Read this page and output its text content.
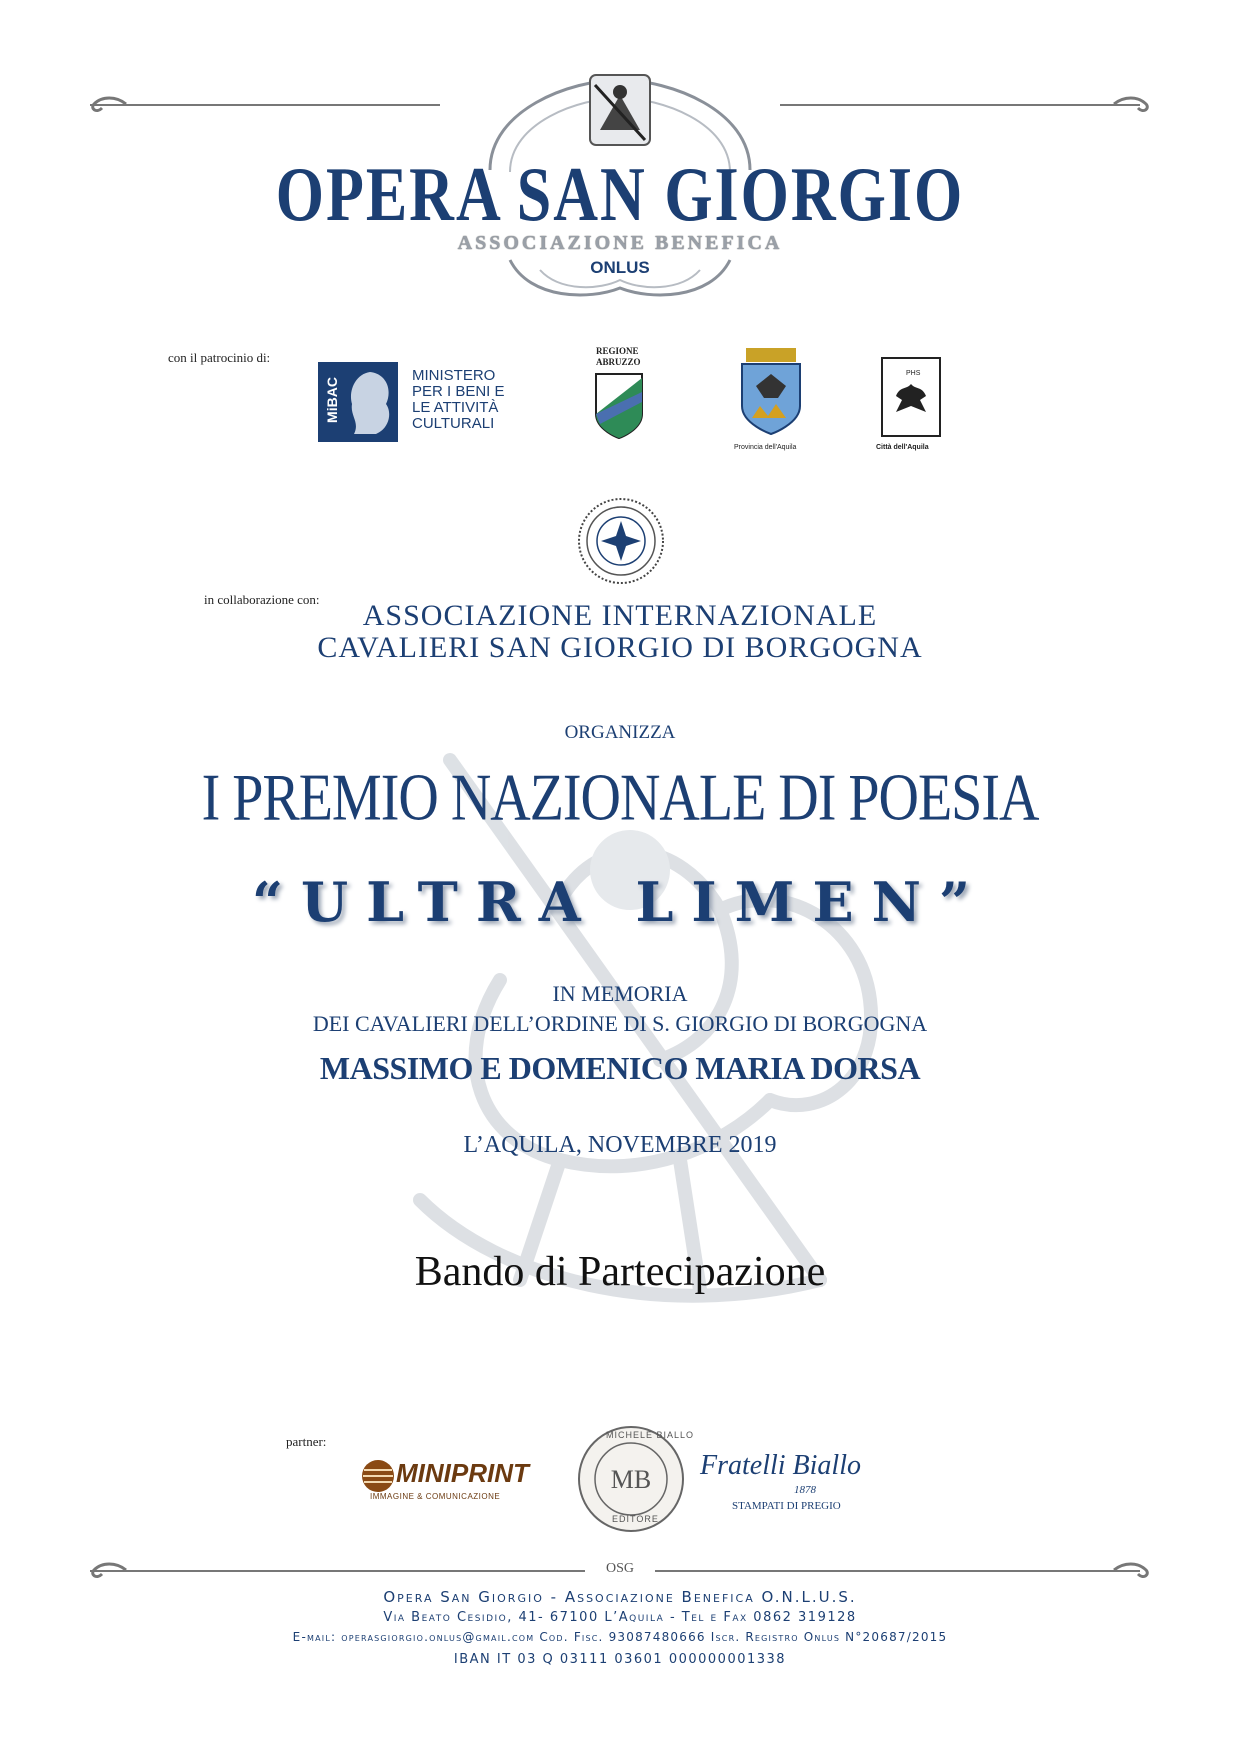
OPERA SAN GIORGIO
ASSOCIAZIONE BENEFICA
ONLUS
con il patrocinio di:
MiBAC
MINISTERO
PER I BENI E
LE ATTIVITÀ
CULTURALI
REGIONE
ABRUZZO
Provincia dell'Aquila
PHS
Città dell'Aquila
in collaborazione con:	ASSOCIAZIONE INTERNAZIONALE
CAVALIERI SAN GIORGIO DI BORGOGNA
ORGANIZZA
I PREMIO NAZIONALE DI POESIA
“ULTRA LIMEN”
IN MEMORIA
DEI CAVALIERI DELL’ORDINE DI S. GIORGIO DI BORGOGNA
MASSIMO E DOMENICO MARIA DORSA
L’AQUILA, NOVEMBRE 2019
Bando di Partecipazione
partner:
MINIPRINT
IMMAGINE & COMUNICAZIONE
MB
MICHELE BIALLO
EDITORE
Fratelli Biallo
1878
STAMPATI DI PREGIO
OSG
Opera San Giorgio - Associazione Benefica O.N.L.U.S.
Via Beato Cesidio, 41- 67100 L’Aquila - Tel e Fax 0862 319128
E-mail: operasgiorgio.onlus@gmail.com Cod. Fisc. 93087480666 Iscr. Registro Onlus N°20687/2015
IBAN IT 03 Q 03111 03601 000000001338
